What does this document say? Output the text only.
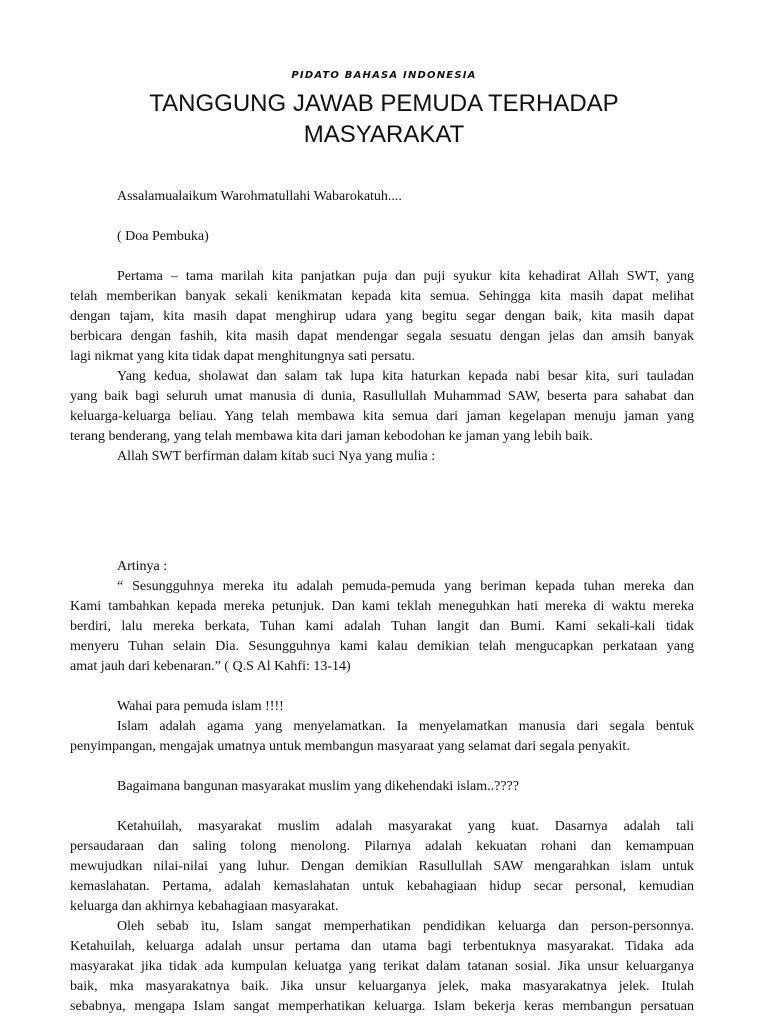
PIDATO BAHASA INDONESIA
TANGGUNG JAWAB PEMUDA TERHADAP
MASYARAKAT
Assalamualaikum Warohmatullahi Wabarokatuh....
( Doa Pembuka)
Pertama – tama marilah kita panjatkan puja dan puji syukur kita kehadirat Allah SWT, yang
telah memberikan banyak sekali kenikmatan kepada kita semua. Sehingga kita masih dapat melihat
dengan tajam, kita masih dapat menghirup udara yang begitu segar dengan baik, kita masih dapat
berbicara dengan fashih, kita masih dapat mendengar segala sesuatu dengan jelas dan amsih banyak
lagi nikmat yang kita tidak dapat menghitungnya sati persatu.
Yang kedua, sholawat dan salam tak lupa kita haturkan kepada nabi besar kita, suri tauladan
yang baik bagi seluruh umat manusia di dunia, Rasullullah Muhammad SAW, beserta para sahabat dan
keluarga-keluarga beliau. Yang telah membawa kita semua dari jaman kegelapan menuju jaman yang
terang benderang, yang telah membawa kita dari jaman kebodohan ke jaman yang lebih baik.
Allah SWT berfirman dalam kitab suci Nya yang mulia :
Artinya :
“ Sesungguhnya mereka itu adalah pemuda-pemuda yang beriman kepada tuhan mereka dan
Kami tambahkan kepada mereka petunjuk. Dan kami teklah meneguhkan hati mereka di waktu mereka
berdiri, lalu mereka berkata, Tuhan kami adalah Tuhan langit dan Bumi. Kami sekali-kali tidak
menyeru Tuhan selain Dia. Sesungguhnya kami kalau demikian telah mengucapkan perkataan yang
amat jauh dari kebenaran.” ( Q.S Al Kahfi: 13-14)
Wahai para pemuda islam !!!!
Islam adalah agama yang menyelamatkan. Ia menyelamatkan manusia dari segala bentuk
penyimpangan, mengajak umatnya untuk membangun masyaraat yang selamat dari segala penyakit.
Bagaimana bangunan masyarakat muslim yang dikehendaki islam..????
Ketahuilah, masyarakat muslim adalah masyarakat yang kuat. Dasarnya adalah tali
persaudaraan dan saling tolong menolong. Pilarnya adalah kekuatan rohani dan kemampuan
mewujudkan nilai-nilai yang luhur. Dengan demikian Rasullullah SAW mengarahkan islam untuk
kemaslahatan. Pertama, adalah kemaslahatan untuk kebahagiaan hidup secar personal, kemudian
keluarga dan akhirnya kebahagiaan masyarakat.
Oleh sebab itu, Islam sangat memperhatikan pendidikan keluarga dan person-personnya.
Ketahuilah, keluarga adalah unsur pertama dan utama bagi terbentuknya masyarakat. Tidaka ada
masyarakat jika tidak ada kumpulan keluatga yang terikat dalam tatanan sosial. Jika unsur keluarganya
baik, mka masyarakatnya baik. Jika unsur keluarganya jelek, maka masyarakatnya jelek. Itulah
sebabnya, mengapa Islam sangat memperhatikan keluarga. Islam bekerja keras membangun persatuan
